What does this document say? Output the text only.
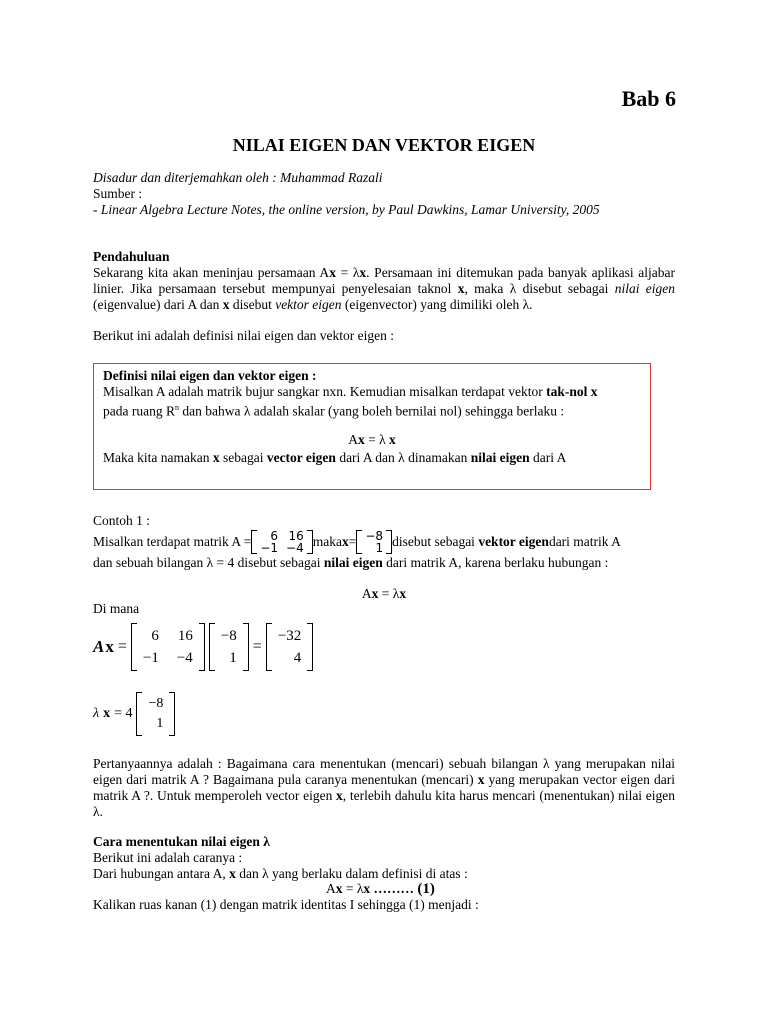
Bab 6
NILAI EIGEN DAN VEKTOR EIGEN
Disadur dan diterjemahkan oleh : Muhammad Razali
Sumber :
- Linear Algebra Lecture Notes, the online version, by Paul Dawkins, Lamar University, 2005
Pendahuluan
Sekarang kita akan meninjau persamaan Ax = λx. Persamaan ini ditemukan pada banyak aplikasi aljabar linier. Jika persamaan tersebut mempunyai penyelesaian taknol x, maka λ disebut sebagai nilai eigen (eigenvalue) dari A dan x disebut vektor eigen (eigenvector) yang dimiliki oleh λ.
Berikut ini adalah definisi nilai eigen dan vektor eigen :
Definisi nilai eigen dan vektor eigen :
Misalkan A adalah matrik bujur sangkar nxn. Kemudian misalkan terdapat vektor tak-nol x
pada ruang $R^n$ dan bahwa λ adalah skalar (yang boleh bernilai nol) sehingga berlaku :
Ax = λ x
Maka kita namakan x sebagai vector eigen dari A dan λ dinamakan nilai eigen dari A
Contoh 1 :
Misalkan terdapat matrik A =	6 16
−1 −4 maka x = −8
1 disebut sebagai
vektor eigen dari matrik A
dan sebuah bilangan λ = 4 disebut sebagai nilai eigen dari matrik A, karena berlaku hubungan :
Ax = λx
Di mana
A x =
6 16
−1 −4
−8
1
=
−32
4
λ x = 4
−8
1
Pertanyaannya adalah : Bagaimana cara menentukan (mencari) sebuah bilangan λ yang merupakan nilai eigen dari matrik A ? Bagaimana pula caranya menentukan (mencari) x yang merupakan vector eigen dari matrik A ?. Untuk memperoleh vector eigen x, terlebih dahulu kita harus mencari (menentukan) nilai eigen λ.
Cara menentukan nilai eigen λ
Berikut ini adalah caranya :
Dari hubungan antara A, x dan λ yang berlaku dalam definisi di atas :
Ax = λx ……… (1)
Kalikan ruas kanan (1) dengan matrik identitas I sehingga (1) menjadi :
